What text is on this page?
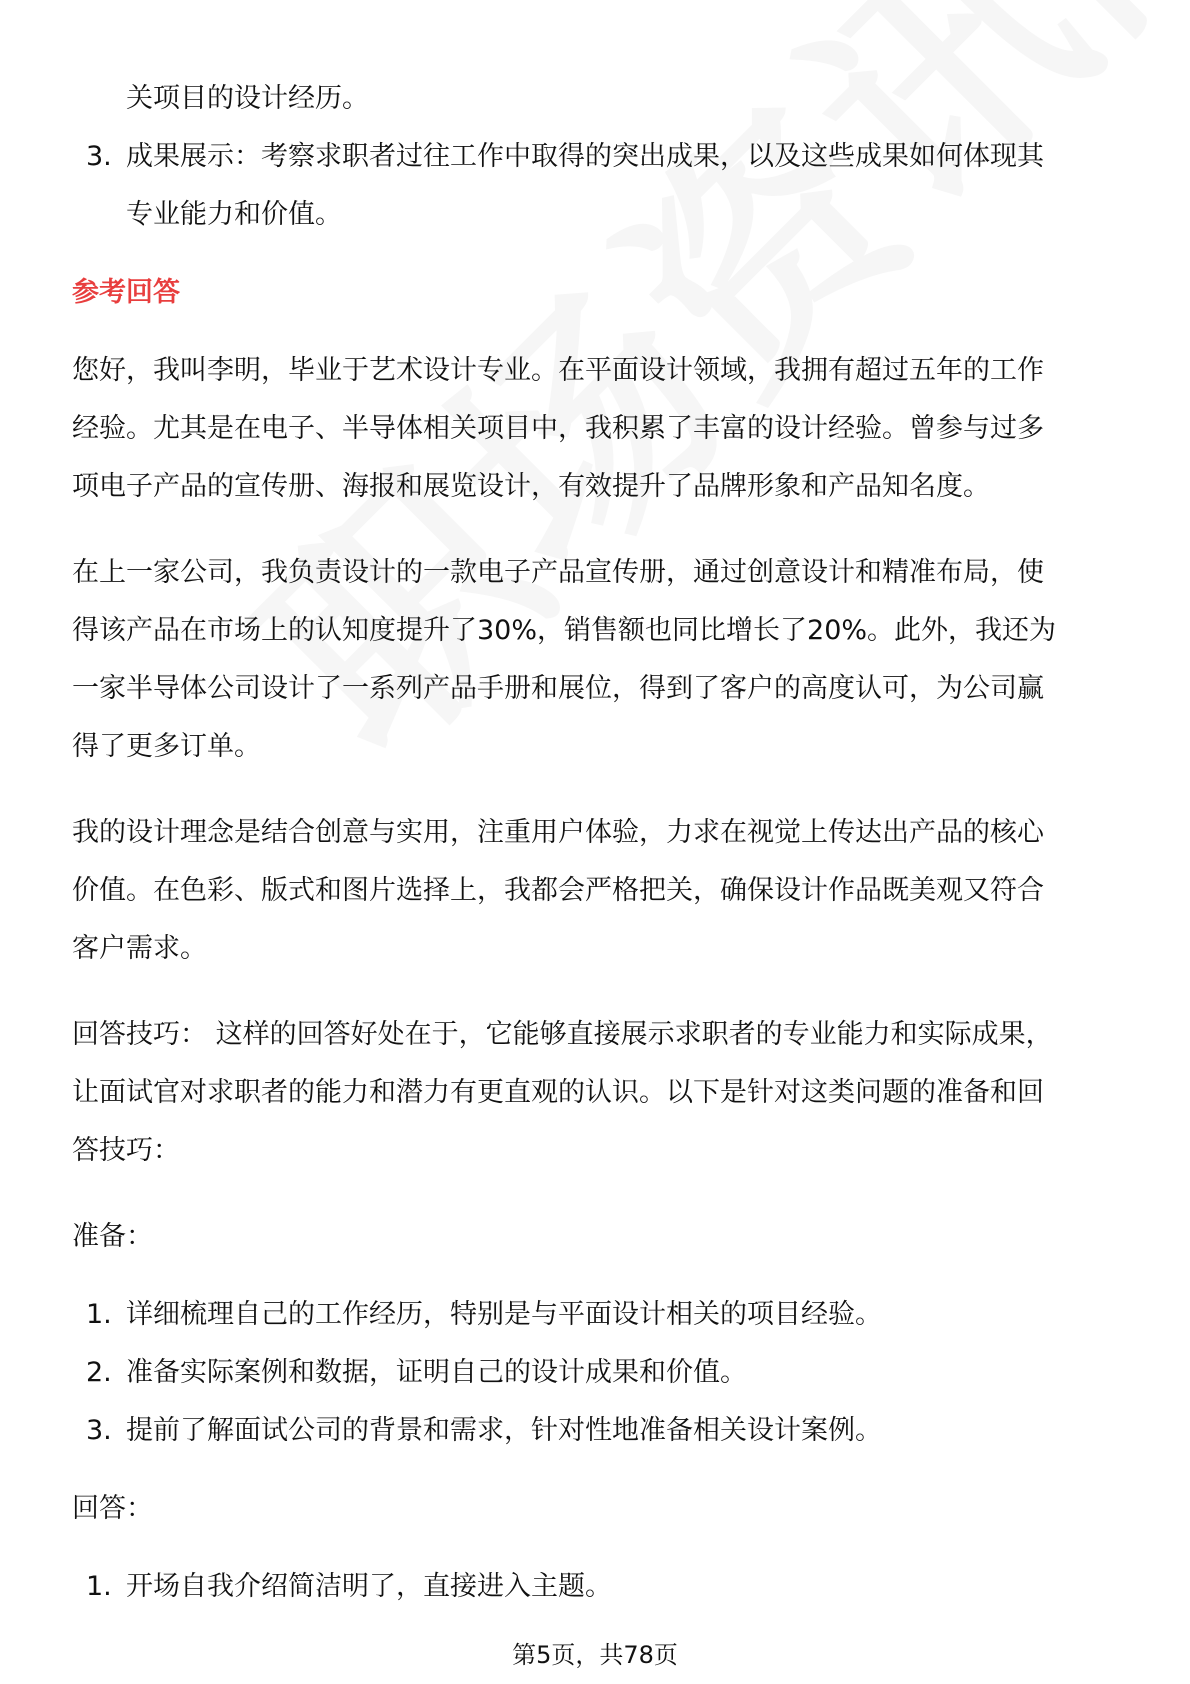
关项目的设计经历。
3. 成果展示：考察求职者过往工作中取得的突出成果，以及这些成果如何体现其
专业能力和价值。
参考回答
您好，我叫李明，毕业于艺术设计专业。在平面设计领域，我拥有超过五年的工作
经验。尤其是在电子、半导体相关项目中，我积累了丰富的设计经验。曾参与过多
项电子产品的宣传册、海报和展览设计，有效提升了品牌形象和产品知名度。
在上一家公司，我负责设计的一款电子产品宣传册，通过创意设计和精准布局，使
得该产品在市场上的认知度提升了30%，销售额也同比增长了20%。此外，我还为
一家半导体公司设计了一系列产品手册和展位，得到了客户的高度认可，为公司赢
得了更多订单。
我的设计理念是结合创意与实用，注重用户体验，力求在视觉上传达出产品的核心
价值。在色彩、版式和图片选择上，我都会严格把关，确保设计作品既美观又符合
客户需求。
回答技巧： 这样的回答好处在于，它能够直接展示求职者的专业能力和实际成果，
让面试官对求职者的能力和潜力有更直观的认识。以下是针对这类问题的准备和回
答技巧：
准备：
1. 详细梳理自己的工作经历，特别是与平面设计相关的项目经验。
2. 准备实际案例和数据，证明自己的设计成果和价值。
3. 提前了解面试公司的背景和需求，针对性地准备相关设计案例。
回答：
1. 开场自我介绍简洁明了，直接进入主题。
第5页，共78页
